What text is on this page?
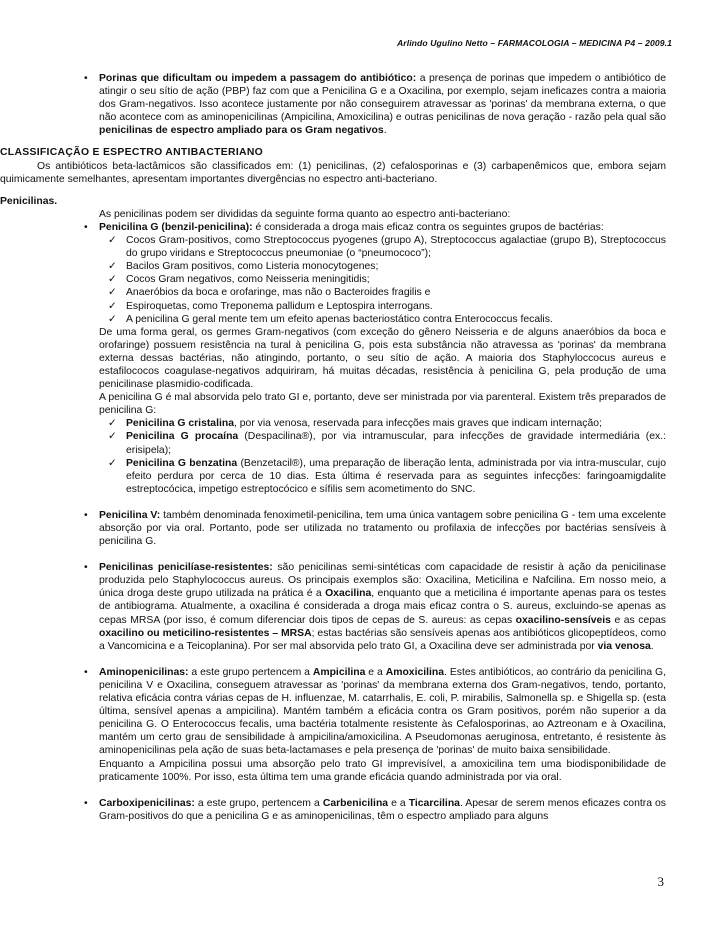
Arlindo Ugulino Netto – FARMACOLOGIA – MEDICINA P4 – 2009.1

• Porinas que dificultam ou impedem a passagem do antibiótico: a presença de porinas que impedem o antibiótico de atingir o seu sítio de ação (PBP) faz com que a Penicilina G e a Oxacilina, por exemplo, sejam ineficazes contra a maioria dos Gram-negativos. Isso acontece justamente por não conseguirem atravessar as 'porinas' da membrana externa, o que não acontece com as aminopenicilinas (Ampicilina, Amoxicilina) e outras penicilinas de nova geração - razão pela qual são penicilinas de espectro ampliado para os Gram negativos.

CLASSIFICAÇÃO E ESPECTRO ANTIBACTERIANO

Os antibióticos beta-lactâmicos são classificados em: (1) penicilinas, (2) cefalosporinas e (3) carbapenêmicos que, embora sejam quimicamente semelhantes, apresentam importantes divergências no espectro anti-bacteriano.

Penicilinas.

As penicilinas podem ser divididas da seguinte forma quanto ao espectro anti-bacteriano:

• Penicilina G (benzil-penicilina): é considerada a droga mais eficaz contra os seguintes grupos de bactérias:

✓ Cocos Gram-positivos, como Streptococcus pyogenes (grupo A), Streptococcus agalactiae (grupo B), Streptococcus do grupo viridans e Streptococcus pneumoniae (o “pneumococo”);

✓ Bacilos Gram positivos, como Listeria monocytogenes;

✓ Cocos Gram negativos, como Neisseria meningitidis;

✓ Anaeróbios da boca e orofaringe, mas não o Bacteroides fragilis e

✓ Espiroquetas, como Treponema pallidum e Leptospira interrogans.

✓ A penicilina G geral mente tem um efeito apenas bacteriostático contra Enterococcus fecalis.

De uma forma geral, os germes Gram-negativos (com exceção do gênero Neisseria e de alguns anaeróbios da boca e orofaringe) possuem resistência na tural à penicilina G, pois esta substância não atravessa as 'porinas' da membrana externa dessas bactérias, não atingindo, portanto, o seu sítio de ação. A maioria dos Staphyloccocus aureus e estafilococos coagulase-negativos adquiriram, há muitas décadas, resistência à penicilina G, pela produção de uma penicilinase plasmidio-codificada.

A penicilina G é mal absorvida pelo trato GI e, portanto, deve ser ministrada por via parenteral. Existem três preparados de penicilina G:

✓ Penicilina G cristalina, por via venosa, reservada para infecções mais graves que indicam internação;

✓ Penicilina G procaína (Despacilina®), por via intramuscular, para infecções de gravidade intermediária (ex.: erisipela);

✓ Penicilina G benzatina (Benzetacil®), uma preparação de liberação lenta, administrada por via intra-muscular, cujo efeito perdura por cerca de 10 dias. Esta última é reservada para as seguintes infecções: faringoamigdalite estreptocócica, impetigo estreptocócico e sífilis sem acometimento do SNC.

• Penicilina V: também denominada fenoximetil-penicilina, tem uma única vantagem sobre penicilina G - tem uma excelente absorção por via oral. Portanto, pode ser utilizada no tratamento ou profilaxia de infecções por bactérias sensíveis à penicilina G.

• Penicilinas penicilíase-resistentes: são penicilinas semi-sintéticas com capacidade de resistir à ação da penicilinase produzida pelo Staphylococcus aureus. Os principais exemplos são: Oxacilina, Meticilina e Nafcilina. Em nosso meio, a única droga deste grupo utilizada na prática é a Oxacilina, enquanto que a meticilina é importante apenas para os testes de antibiograma. Atualmente, a oxacilina é considerada a droga mais eficaz contra o S. aureus, excluindo-se apenas as cepas MRSA (por isso, é comum diferenciar dois tipos de cepas de S. aureus: as cepas oxacilino-sensíveis e as cepas oxacilino ou meticilino-resistentes – MRSA; estas bactérias são sensíveis apenas aos antibióticos glicopeptídeos, como a Vancomicina e a Teicoplanina). Por ser mal absorvida pelo trato GI, a Oxacilina deve ser administrada por via venosa.

• Aminopenicilinas: a este grupo pertencem a Ampicilina e a Amoxicilina. Estes antibióticos, ao contrário da penicilina G, penicilina V e Oxacilina, conseguem atravessar as 'porinas' da membrana externa dos Gram-negativos, tendo, portanto, relativa eficácia contra várias cepas de H. influenzae, M. catarrhalis, E. coli, P. mirabilis, Salmonella sp. e Shigella sp. (esta última, sensível apenas a ampicilina). Mantém também a eficácia contra os Gram positivos, porém não superior a da penicilina G. O Enterococcus fecalis, uma bactéria totalmente resistente às Cefalosporinas, ao Aztreonam e à Oxacilina, mantém um certo grau de sensibilidade à ampicilina/amoxicilina. A Pseudomonas aeruginosa, entretanto, é resistente às aminopenicilinas pela ação de suas beta-lactamases e pela presença de 'porinas' de muito baixa sensibilidade.

Enquanto a Ampicilina possui uma absorção pelo trato GI imprevisível, a amoxicilina tem uma biodisponibilidade de praticamente 100%. Por isso, esta última tem uma grande eficácia quando administrada por via oral.

• Carboxipenicilinas: a este grupo, pertencem a Carbenicilina e a Ticarcilina. Apesar de serem menos eficazes contra os Gram-positivos do que a penicilina G e as aminopenicilinas, têm o espectro ampliado para alguns

3
